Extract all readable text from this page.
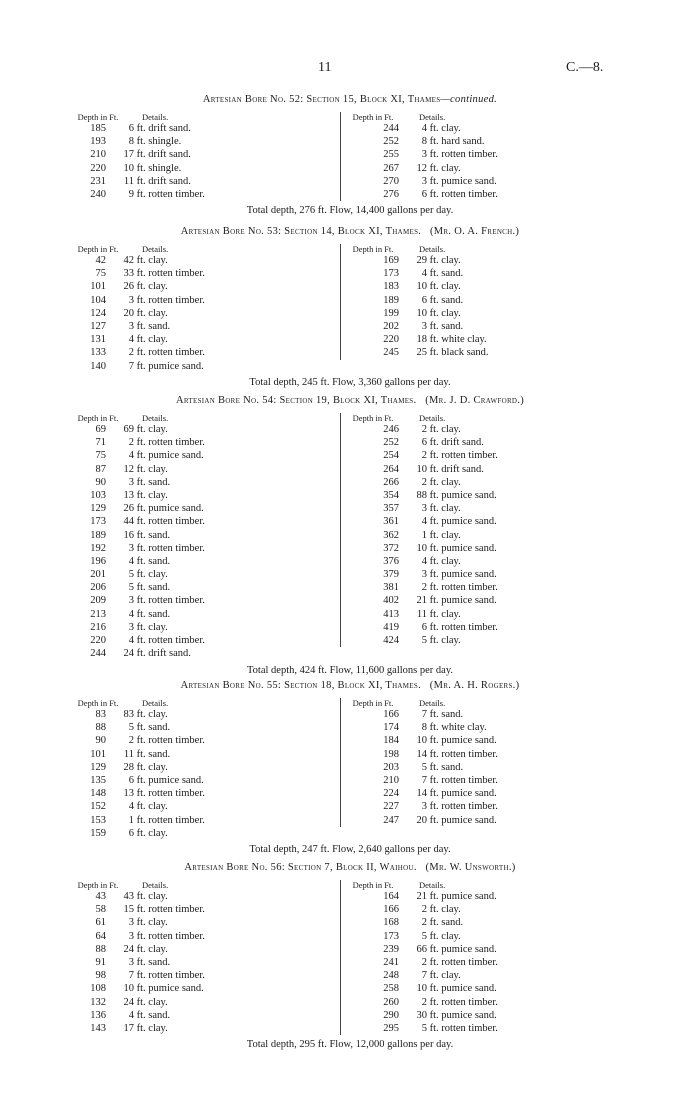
11	C.—8.
Artesian Bore No. 52: Section 15, Block XI, Thames—continued.
Depth in Ft.	Details.
185	6 ft. drift sand.
193	8 ft. shingle.
210	17 ft. drift sand.
220	10 ft. shingle.
231	11 ft. drift sand.
240	9 ft. rotten timber.
Depth in Ft.	Details.
244	4 ft. clay.
252	8 ft. hard sand.
255	3 ft. rotten timber.
267	12 ft. clay.
270	3 ft. pumice sand.
276	6 ft. rotten timber.
Total depth, 276 ft. Flow, 14,400 gallons per day.
Artesian Bore No. 53: Section 14, Block XI, Thames. (Mr. O. A. French.)
Depth in Ft.	Details.
42	42 ft. clay.
75	33 ft. rotten timber.
101	26 ft. clay.
104	3 ft. rotten timber.
124	20 ft. clay.
127	3 ft. sand.
131	4 ft. clay.
133	2 ft. rotten timber.
140	7 ft. pumice sand.
Depth in Ft.	Details.
169	29 ft. clay.
173	4 ft. sand.
183	10 ft. clay.
189	6 ft. sand.
199	10 ft. clay.
202	3 ft. sand.
220	18 ft. white clay.
245	25 ft. black sand.
Total depth, 245 ft. Flow, 3,360 gallons per day.
Artesian Bore No. 54: Section 19, Block XI, Thames. (Mr. J. D. Crawford.)
Depth in Ft.	Details.
69	69 ft. clay.
71	2 ft. rotten timber.
75	4 ft. pumice sand.
87	12 ft. clay.
90	3 ft. sand.
103	13 ft. clay.
129	26 ft. pumice sand.
173	44 ft. rotten timber.
189	16 ft. sand.
192	3 ft. rotten timber.
196	4 ft. sand.
201	5 ft. clay.
206	5 ft. sand.
209	3 ft. rotten timber.
213	4 ft. sand.
216	3 ft. clay.
220	4 ft. rotten timber.
244	24 ft. drift sand.
Depth in Ft.	Details.
246	2 ft. clay.
252	6 ft. drift sand.
254	2 ft. rotten timber.
264	10 ft. drift sand.
266	2 ft. clay.
354	88 ft. pumice sand.
357	3 ft. clay.
361	4 ft. pumice sand.
362	1 ft. clay.
372	10 ft. pumice sand.
376	4 ft. clay.
379	3 ft. pumice sand.
381	2 ft. rotten timber.
402	21 ft. pumice sand.
413	11 ft. clay.
419	6 ft. rotten timber.
424	5 ft. clay.
Total depth, 424 ft. Flow, 11,600 gallons per day.
Artesian Bore No. 55: Section 18, Block XI, Thames. (Mr. A. H. Rogers.)
Depth in Ft.	Details.
83	83 ft. clay.
88	5 ft. sand.
90	2 ft. rotten timber.
101	11 ft. sand.
129	28 ft. clay.
135	6 ft. pumice sand.
148	13 ft. rotten timber.
152	4 ft. clay.
153	1 ft. rotten timber.
159	6 ft. clay.
Depth in Ft.	Details.
166	7 ft. sand.
174	8 ft. white clay.
184	10 ft. pumice sand.
198	14 ft. rotten timber.
203	5 ft. sand.
210	7 ft. rotten timber.
224	14 ft. pumice sand.
227	3 ft. rotten timber.
247	20 ft. pumice sand.
Total depth, 247 ft. Flow, 2,640 gallons per day.
Artesian Bore No. 56: Section 7, Block II, Waihou. (Mr. W. Unsworth.)
Depth in Ft.	Details.
43	43 ft. clay.
58	15 ft. rotten timber.
61	3 ft. clay.
64	3 ft. rotten timber.
88	24 ft. clay.
91	3 ft. sand.
98	7 ft. rotten timber.
108	10 ft. pumice sand.
132	24 ft. clay.
136	4 ft. sand.
143	17 ft. clay.
Depth in Ft.	Details.
164	21 ft. pumice sand.
166	2 ft. clay.
168	2 ft. sand.
173	5 ft. clay.
239	66 ft. pumice sand.
241	2 ft. rotten timber.
248	7 ft. clay.
258	10 ft. pumice sand.
260	2 ft. rotten timber.
290	30 ft. pumice sand.
295	5 ft. rotten timber.
Total depth, 295 ft. Flow, 12,000 gallons per day.
